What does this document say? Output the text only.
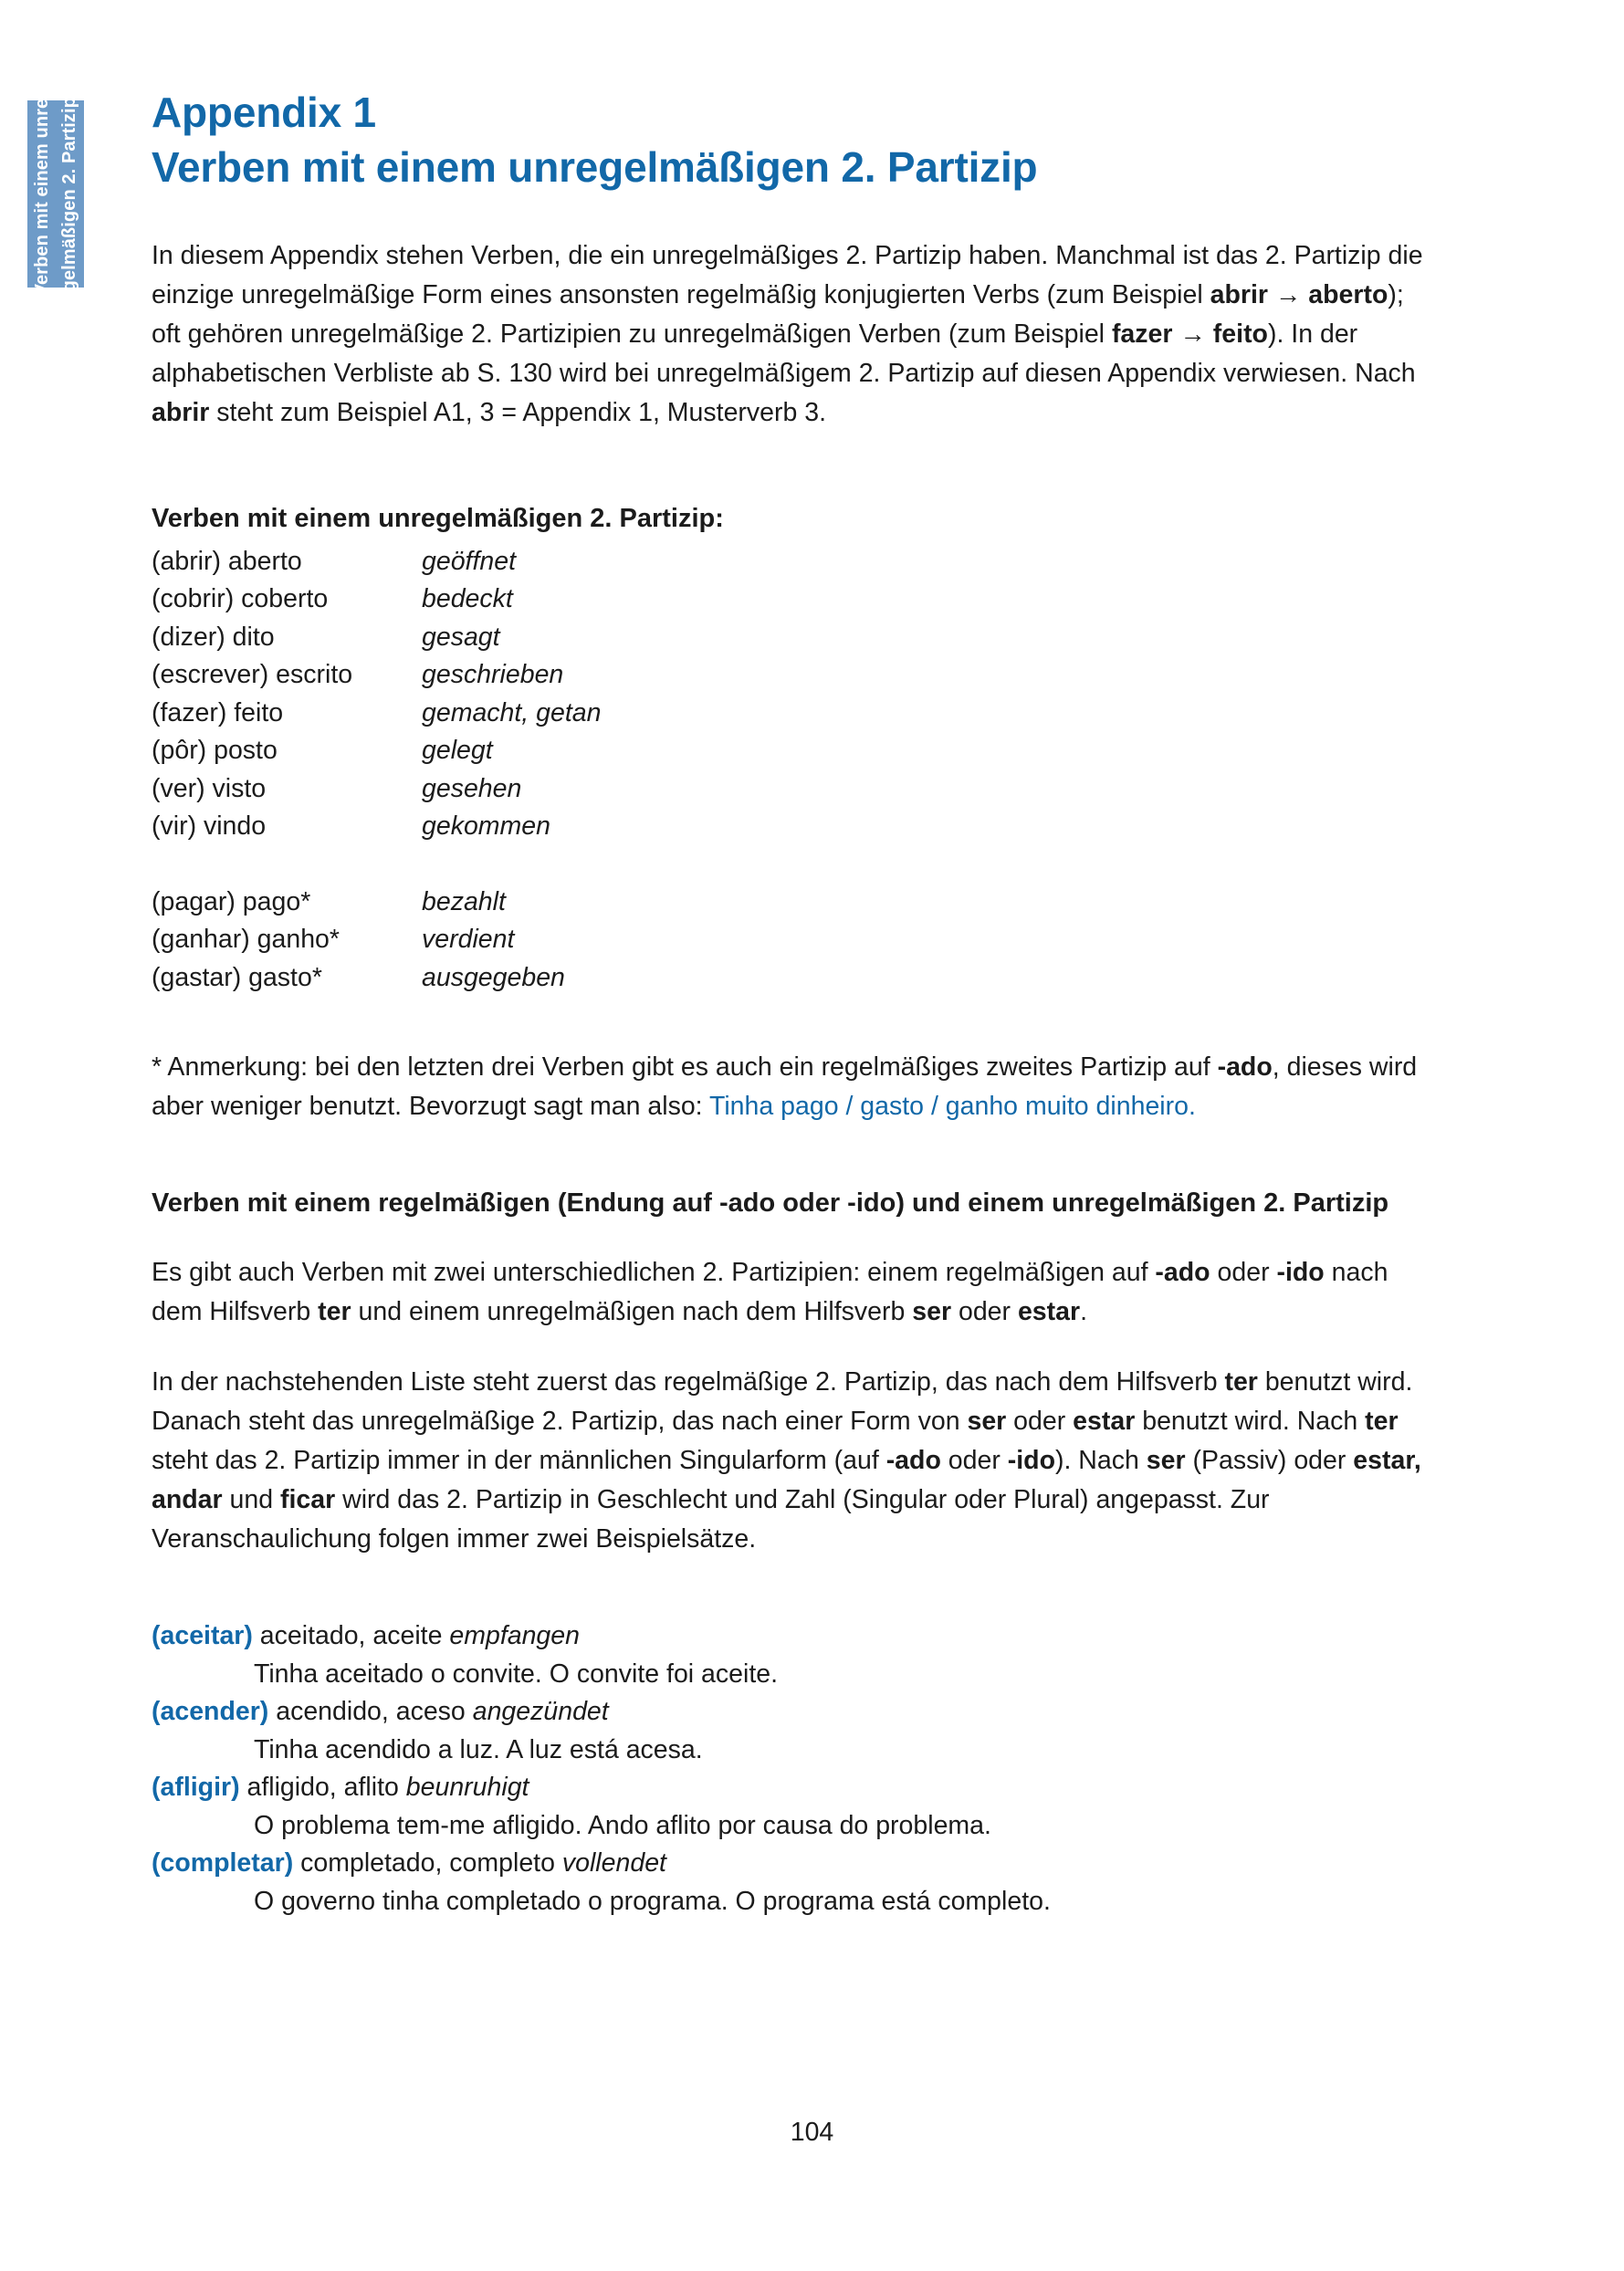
Verben mit einem unre- gelmäßigen 2. Partizip Appendix 1
Verben mit einem unregelmäßigen 2. Partizip

In diesem Appendix stehen Verben, die ein unregelmäßiges 2. Partizip haben. Manchmal ist das 2. Partizip die einzige unregelmäßige Form eines ansonsten regelmäßig konjugierten Verbs (zum Beispiel abrir → aberto); oft gehören unregelmäßige 2. Partizipien zu unregelmäßigen Verben (zum Beispiel fazer → feito). In der alphabetischen Verbliste ab S. 130 wird bei unregelmäßigem 2. Partizip auf diesen Appendix verwiesen. Nach abrir steht zum Beispiel A1, 3 = Appendix 1, Musterverb 3.

Verben mit einem unregelmäßigen 2. Partizip:
(abrir) aberto	geöffnet
(cobrir) coberto	bedeckt
(dizer) dito	gesagt
(escrever) escrito	geschrieben
(fazer) feito	gemacht, getan
(pôr) posto	gelegt
(ver) visto	gesehen
(vir) vindo	gekommen

(pagar) pago*	bezahlt
(ganhar) ganho*	verdient
(gastar) gasto*	ausgegeben

* Anmerkung: bei den letzten drei Verben gibt es auch ein regelmäßiges zweites Partizip auf -ado, dieses wird aber weniger benutzt. Bevorzugt sagt man also: Tinha pago / gasto / ganho muito dinheiro.

Verben mit einem regelmäßigen (Endung auf -ado oder -ido) und einem unregelmäßigen 2. Partizip

Es gibt auch Verben mit zwei unterschiedlichen 2. Partizipien: einem regelmäßigen auf -ado oder -ido nach dem Hilfsverb ter und einem unregelmäßigen nach dem Hilfsverb ser oder estar.

In der nachstehenden Liste steht zuerst das regelmäßige 2. Partizip, das nach dem Hilfsverb ter benutzt wird. Danach steht das unregelmäßige 2. Partizip, das nach einer Form von ser oder estar benutzt wird. Nach ter steht das 2. Partizip immer in der männlichen Singularform (auf -ado oder -ido). Nach ser (Passiv) oder estar, andar und ficar wird das 2. Partizip in Geschlecht und Zahl (Singular oder Plural) angepasst. Zur Veranschaulichung folgen immer zwei Beispielsätze.

(aceitar) aceitado, aceite empfangen
Tinha aceitado o convite. O convite foi aceite.
(acender) acendido, aceso angezündet
Tinha acendido a luz. A luz está acesa.
(afligir) afligido, aflito beunruhigt
O problema tem-me afligido. Ando aflito por causa do problema.
(completar) completado, completo vollendet
O governo tinha completado o programa. O programa está completo.
104
